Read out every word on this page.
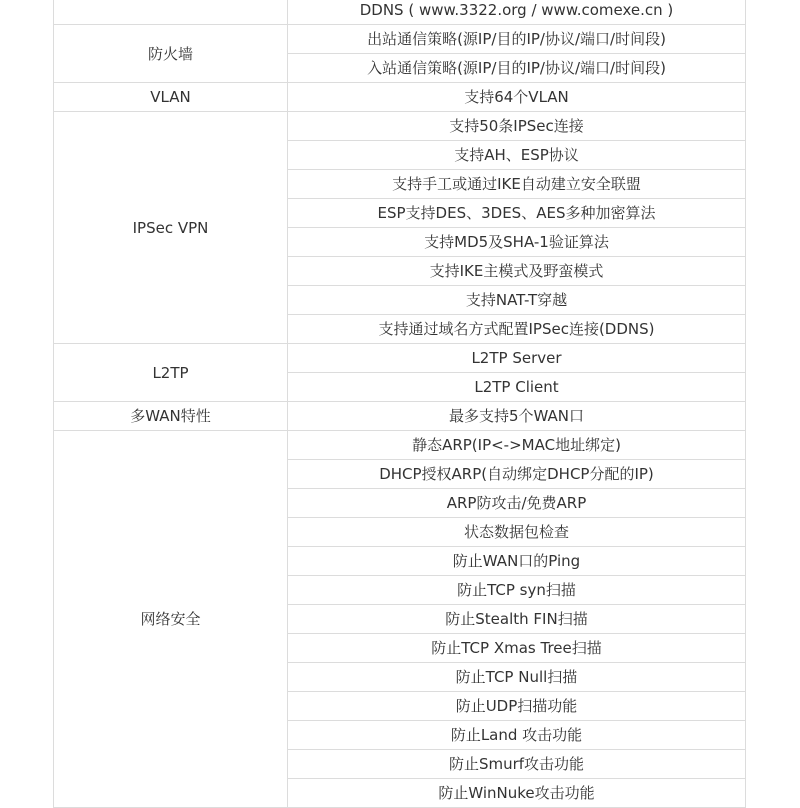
	DDNS ( www.3322.org / www.comexe.cn )
防火墙	出站通信策略(源IP/目的IP/协议/端口/时间段)
	入站通信策略(源IP/目的IP/协议/端口/时间段)
VLAN	支持64个VLAN
IPSec VPN	支持50条IPSec连接
	支持AH、ESP协议
	支持手工或通过IKE自动建立安全联盟
	ESP支持DES、3DES、AES多种加密算法
	支持MD5及SHA-1验证算法
	支持IKE主模式及野蛮模式
	支持NAT-T穿越
	支持通过域名方式配置IPSec连接(DDNS)
L2TP	L2TP Server
	L2TP Client
多WAN特性	最多支持5个WAN口
网络安全	静态ARP(IP<->MAC地址绑定)
	DHCP授权ARP(自动绑定DHCP分配的IP)
	ARP防攻击/免费ARP
	状态数据包检查
	防止WAN口的Ping
	防止TCP syn扫描
	防止Stealth FIN扫描
	防止TCP Xmas Tree扫描
	防止TCP Null扫描
	防止UDP扫描功能
	防止Land 攻击功能
	防止Smurf攻击功能
	防止WinNuke攻击功能
